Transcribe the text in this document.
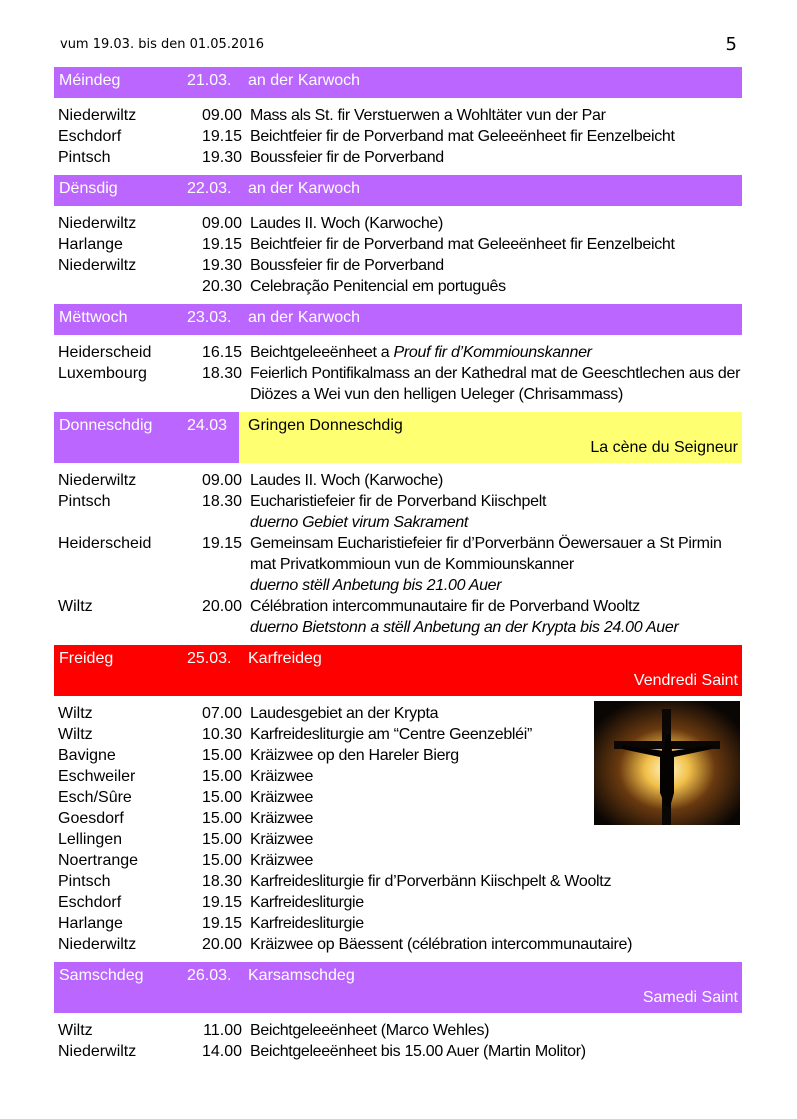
vum 19.03. bis den 01.05.2016	5
Méindeg	21.03. an der Karwoch
Niederwiltz	09.00 Mass als St. fir Verstuerwen a Wohltäter vun der Par
Eschdorf	19.15 Beichtfeier fir de Porverband mat Geleeënheet fir Eenzelbeicht
Pintsch	19.30 Boussfeier fir de Porverband
Dënsdig	22.03. an der Karwoch
Niederwiltz	09.00 Laudes II. Woch (Karwoche)
Harlange	19.15 Beichtfeier fir de Porverband mat Geleeënheet fir Eenzelbeicht
Niederwiltz	19.30 Boussfeier fir de Porverband
20.30 Celebração Penitencial em português
Mëttwoch	23.03. an der Karwoch
Heiderscheid	16.15 Beichtgeleeënheet a Prouf fir d’Kommiounskanner
Luxembourg	18.30 Feierlich Pontifikalmass an der Kathedral mat de Geeschtlechen aus der
Diözes a Wei vun den helligen Ueleger (Chrisammass)
Donneschdig 24.03 Gringen Donneschdig
La cène du Seigneur
Niederwiltz	09.00 Laudes II. Woch (Karwoche)
Pintsch	18.30 Eucharistiefeier fir de Porverband Kiischpelt
duerno Gebiet virum Sakrament
Heiderscheid	19.15 Gemeinsam Eucharistiefeier fir d’Porverbänn Öewersauer a St Pirmin
mat Privatkommioun vun de Kommiounskanner
duerno stëll Anbetung bis 21.00 Auer
Wiltz	20.00 Célébration intercommunautaire fir de Porverband Wooltz
duerno Bietstonn a stëll Anbetung an der Krypta bis 24.00 Auer
Freideg	25.03. Karfreideg
Vendredi Saint
Wiltz	07.00 Laudesgebiet an der Krypta
Wiltz	10.30 Karfreidesliturgie am “Centre Geenzebléi”
Bavigne	15.00 Kräizwee op den Hareler Bierg
Eschweiler	15.00 Kräizwee
Esch/Sûre	15.00 Kräizwee
Goesdorf	15.00 Kräizwee
Lellingen	15.00 Kräizwee
Noertrange	15.00 Kräizwee
Pintsch	18.30 Karfreidesliturgie fir d’Porverbänn Kiischpelt & Wooltz
Eschdorf	19.15 Karfreidesliturgie
Harlange	19.15 Karfreidesliturgie
Niederwiltz	20.00 Kräizwee op Bäessent (célébration intercommunautaire)
Samschdeg	26.03. Karsamschdeg
Samedi Saint
Wiltz	11.00 Beichtgeleeënheet (Marco Wehles)
Niederwiltz	14.00 Beichtgeleeënheet bis 15.00 Auer (Martin Molitor)
